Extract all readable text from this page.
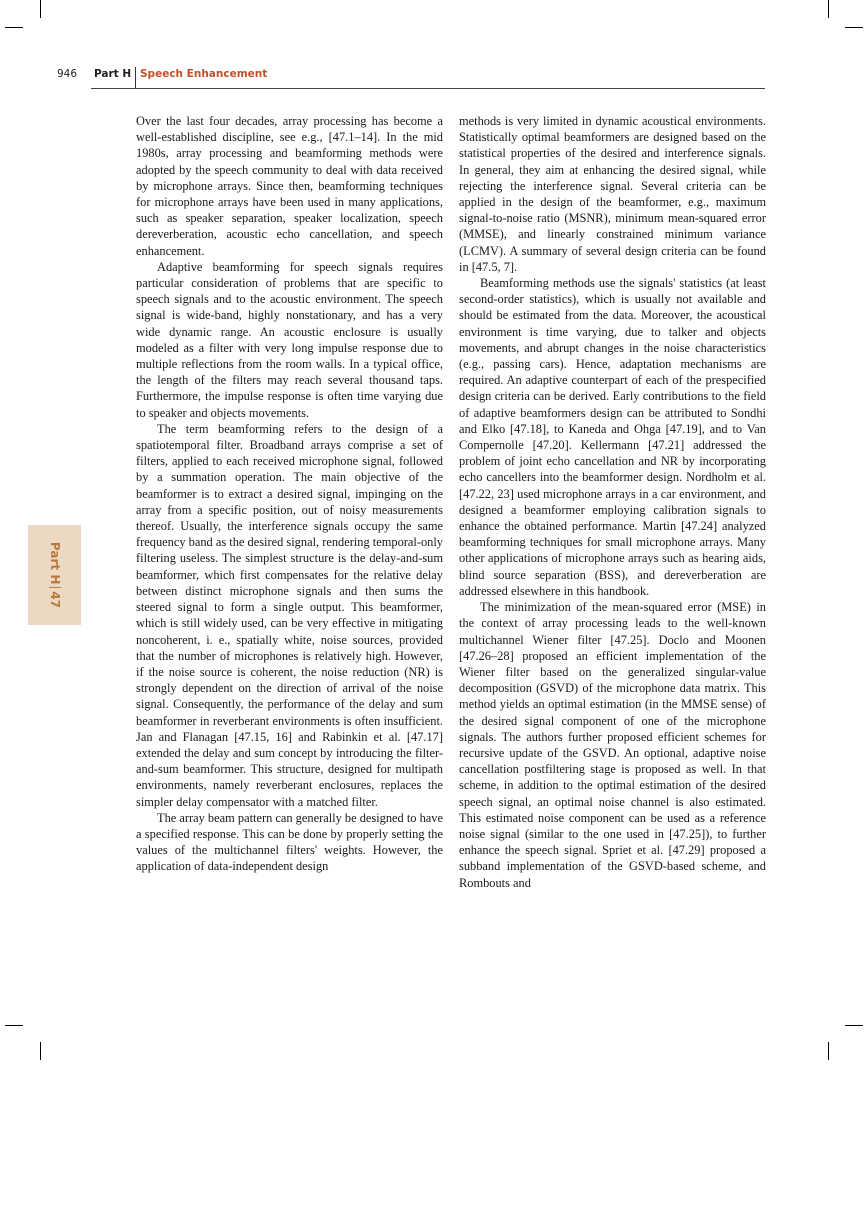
946 Part H Speech Enhancement
Part H47

Over the last four decades, array processing has become a well-established discipline, see e.g., [47.1–14]. In the mid 1980s, array processing and beamforming methods were adopted by the speech community to deal with data received by microphone arrays. Since then, beamforming techniques for microphone arrays have been used in many applications, such as speaker separation, speaker localization, speech dereverberation, acoustic echo cancellation, and speech enhancement.

Adaptive beamforming for speech signals requires particular consideration of problems that are specific to speech signals and to the acoustic environment. The speech signal is wide-band, highly nonstationary, and has a very wide dynamic range. An acoustic enclosure is usually modeled as a filter with very long impulse response due to multiple reflections from the room walls. In a typical office, the length of the filters may reach several thousand taps. Furthermore, the impulse response is often time varying due to speaker and objects movements.

The term beamforming refers to the design of a spatiotemporal filter. Broadband arrays comprise a set of filters, applied to each received microphone signal, followed by a summation operation. The main objective of the beamformer is to extract a desired signal, impinging on the array from a specific position, out of noisy measurements thereof. Usually, the interference signals occupy the same frequency band as the desired signal, rendering temporal-only filtering useless. The simplest structure is the delay-and-sum beamformer, which first compensates for the relative delay between distinct microphone signals and then sums the steered signal to form a single output. This beamformer, which is still widely used, can be very effective in mitigating noncoherent, i. e., spatially white, noise sources, provided that the number of microphones is relatively high. However, if the noise source is coherent, the noise reduction (NR) is strongly dependent on the direction of arrival of the noise signal. Consequently, the performance of the delay and sum beamformer in reverberant environments is often insufficient. Jan and Flanagan [47.15, 16] and Rabinkin et al. [47.17] extended the delay and sum concept by introducing the filter-and-sum beamformer. This structure, designed for multipath environments, namely reverberant enclosures, replaces the simpler delay compensator with a matched filter.

The array beam pattern can generally be designed to have a specified response. This can be done by properly setting the values of the multichannel filters' weights. However, the application of data-independent design

methods is very limited in dynamic acoustical environments. Statistically optimal beamformers are designed based on the statistical properties of the desired and interference signals. In general, they aim at enhancing the desired signal, while rejecting the interference signal. Several criteria can be applied in the design of the beamformer, e.g., maximum signal-to-noise ratio (MSNR), minimum mean-squared error (MMSE), and linearly constrained minimum variance (LCMV). A summary of several design criteria can be found in [47.5, 7].

Beamforming methods use the signals' statistics (at least second-order statistics), which is usually not available and should be estimated from the data. Moreover, the acoustical environment is time varying, due to talker and objects movements, and abrupt changes in the noise characteristics (e.g., passing cars). Hence, adaptation mechanisms are required. An adaptive counterpart of each of the prespecified design criteria can be derived. Early contributions to the field of adaptive beamformers design can be attributed to Sondhi and Elko [47.18], to Kaneda and Ohga [47.19], and to Van Compernolle [47.20]. Kellermann [47.21] addressed the problem of joint echo cancellation and NR by incorporating echo cancellers into the beamformer design. Nordholm et al. [47.22, 23] used microphone arrays in a car environment, and designed a beamformer employing calibration signals to enhance the obtained performance. Martin [47.24] analyzed beamforming techniques for small microphone arrays. Many other applications of microphone arrays such as hearing aids, blind source separation (BSS), and dereverberation are addressed elsewhere in this handbook.

The minimization of the mean-squared error (MSE) in the context of array processing leads to the well-known multichannel Wiener filter [47.25]. Doclo and Moonen [47.26–28] proposed an efficient implementation of the Wiener filter based on the generalized singular-value decomposition (GSVD) of the microphone data matrix. This method yields an optimal estimation (in the MMSE sense) of the desired signal component of one of the microphone signals. The authors further proposed efficient schemes for recursive update of the GSVD. An optional, adaptive noise cancellation postfiltering stage is proposed as well. In that scheme, in addition to the optimal estimation of the desired speech signal, an optimal noise channel is also estimated. This estimated noise component can be used as a reference noise signal (similar to the one used in [47.25]), to further enhance the speech signal. Spriet et al. [47.29] proposed a subband implementation of the GSVD-based scheme, and Rombouts and
